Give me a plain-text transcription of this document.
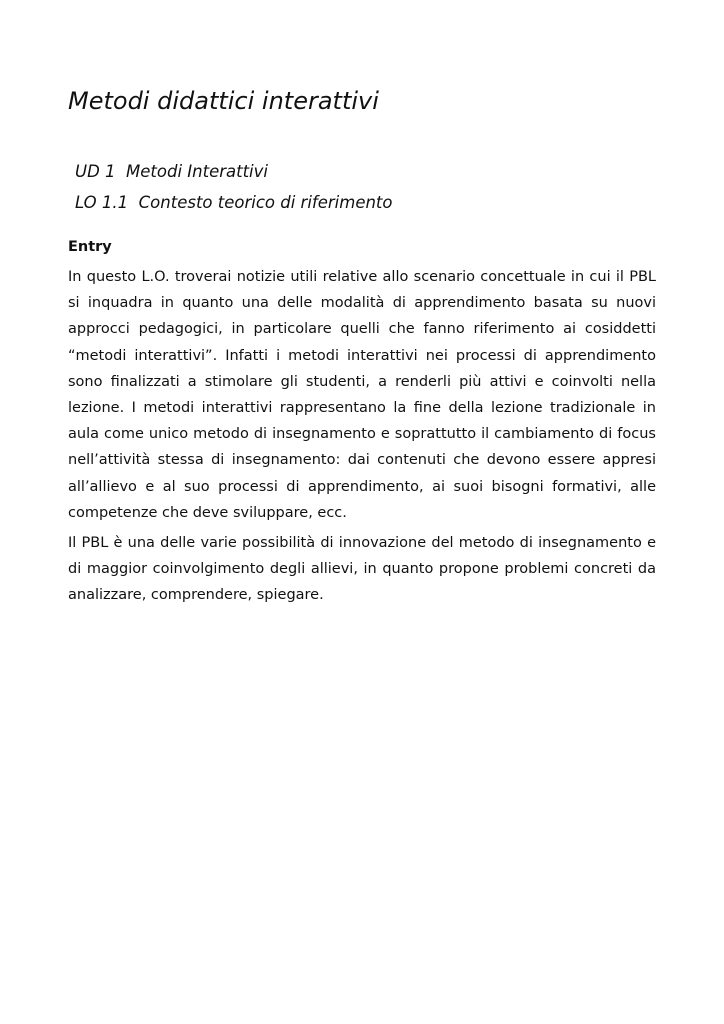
Metodi didattici interattivi
UD 1  Metodi Interattivi
LO 1.1  Contesto teorico di riferimento
Entry

In questo L.O. troverai notizie utili relative allo scenario concettuale in cui il PBL si inquadra in quanto una delle modalità di apprendimento basata su nuovi approcci pedagogici, in particolare quelli che fanno riferimento ai cosiddetti “metodi interattivi”. Infatti i metodi interattivi nei processi di apprendimento sono finalizzati a stimolare gli studenti, a renderli più attivi e coinvolti nella lezione. I metodi interattivi rappresentano la fine della lezione tradizionale in aula come unico metodo di insegnamento e soprattutto il cambiamento di focus nell’attività stessa di insegnamento: dai contenuti che devono essere appresi all’allievo e al suo processi di apprendimento, ai suoi bisogni formativi, alle competenze che deve sviluppare, ecc.

Il PBL è una delle varie possibilità di innovazione del metodo di insegnamento e di maggior coinvolgimento degli allievi, in quanto propone problemi concreti da analizzare, comprendere, spiegare.
